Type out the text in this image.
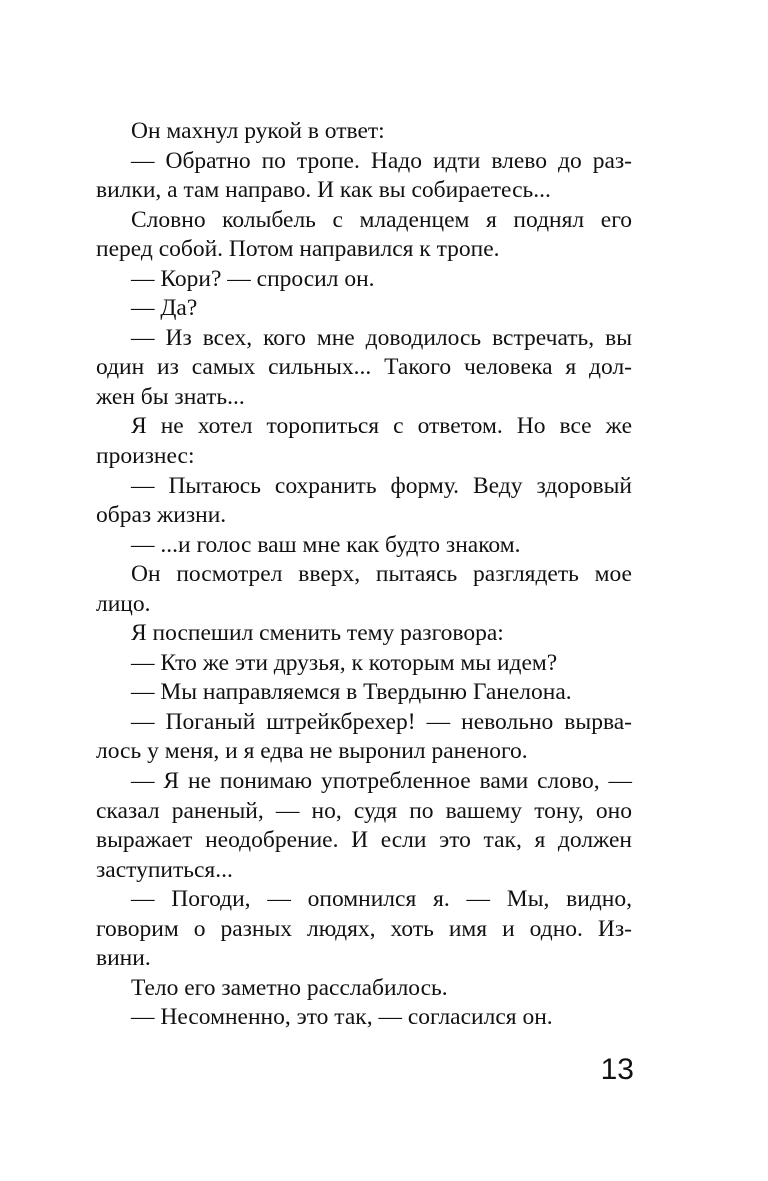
Он махнул рукой в ответ:
— Обратно по тропе. Надо идти влево до раз-
вилки, а там направо. И как вы собираетесь...
Словно колыбель с младенцем я поднял его
перед собой. Потом направился к тропе.
— Кори? — спросил он.
— Да?
— Из всех, кого мне доводилось встречать, вы
один из самых сильных... Такого человека я дол-
жен бы знать...
Я не хотел торопиться с ответом. Но все же
произнес:
— Пытаюсь сохранить форму. Веду здоровый
образ жизни.
— ...и голос ваш мне как будто знаком.
Он посмотрел вверх, пытаясь разглядеть мое
лицо.
Я поспешил сменить тему разговора:
— Кто же эти друзья, к которым мы идем?
— Мы направляемся в Твердыню Ганелона.
— Поганый штрейкбрехер! — невольно вырва-
лось у меня, и я едва не выронил раненого.
— Я не понимаю употребленное вами слово, —
сказал раненый, — но, судя по вашему тону, оно
выражает неодобрение. И если это так, я должен
заступиться...
— Погоди, — опомнился я. — Мы, видно,
говорим о разных людях, хоть имя и одно. Из-
вини.
Тело его заметно расслабилось.
— Несомненно, это так, — согласился он.
13
